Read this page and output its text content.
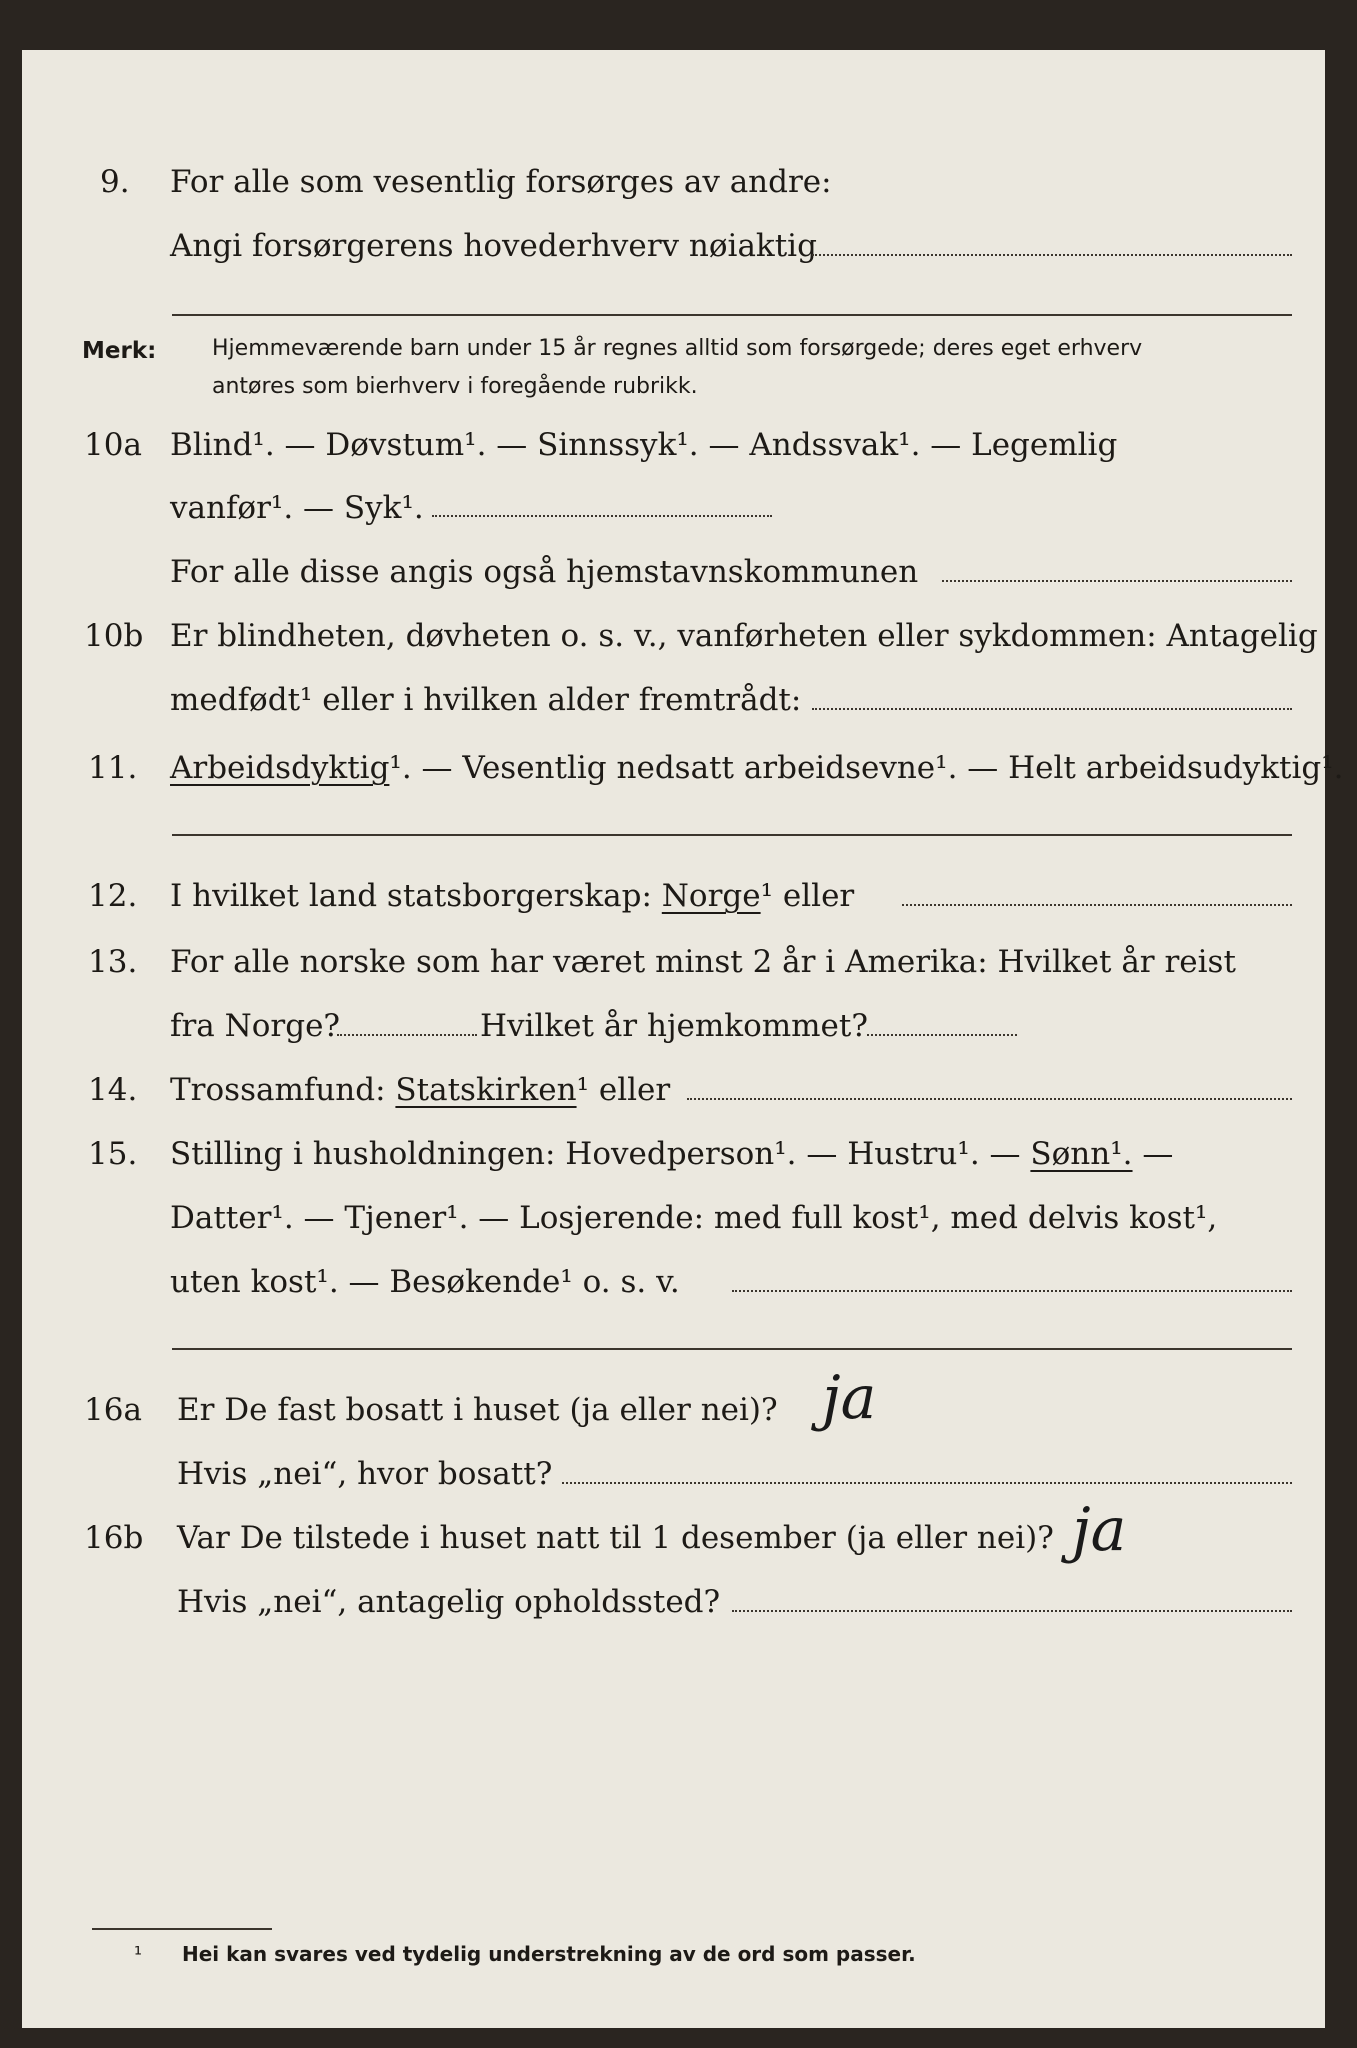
9. For alle som vesentlig forsørges av andre:
Angi forsørgerens hovederhverv nøiaktig
Merk:	Hjemmeværende barn under 15 år regnes alltid som forsørgede; deres eget erhverv
antøres som bierhverv i foregående rubrikk.
10a Blind¹. — Døvstum¹. — Sinnssyk¹. — Andssvak¹. — Legemlig
vanfør¹. — Syk¹.
For alle disse angis også hjemstavnskommunen
10b Er blindheten, døvheten o. s. v., vanførheten eller sykdommen: Antagelig
medfødt¹ eller i hvilken alder fremtrådt:
11. Arbeidsdyktig¹. — Vesentlig nedsatt arbeidsevne¹. — Helt arbeidsudyktig¹.
12. I hvilket land statsborgerskap: Norge¹ eller
13. For alle norske som har været minst 2 år i Amerika: Hvilket år reist
fra Norge?	Hvilket år hjemkommet?
14. Trossamfund: Statskirken¹ eller
15. Stilling i husholdningen: Hovedperson¹. — Hustru¹. — Sønn¹. —
Datter¹. — Tjener¹. — Losjerende: med full kost¹, med delvis kost¹,
uten kost¹. — Besøkende¹ o. s. v.
16a Er De fast bosatt i huset (ja eller nei)? ja
Hvis „nei“, hvor bosatt?
16b Var De tilstede i huset natt til 1 desember (ja eller nei)? ja
Hvis „nei“, antagelig opholdssted?
¹ Hei kan svares ved tydelig understrekning av de ord som passer.
